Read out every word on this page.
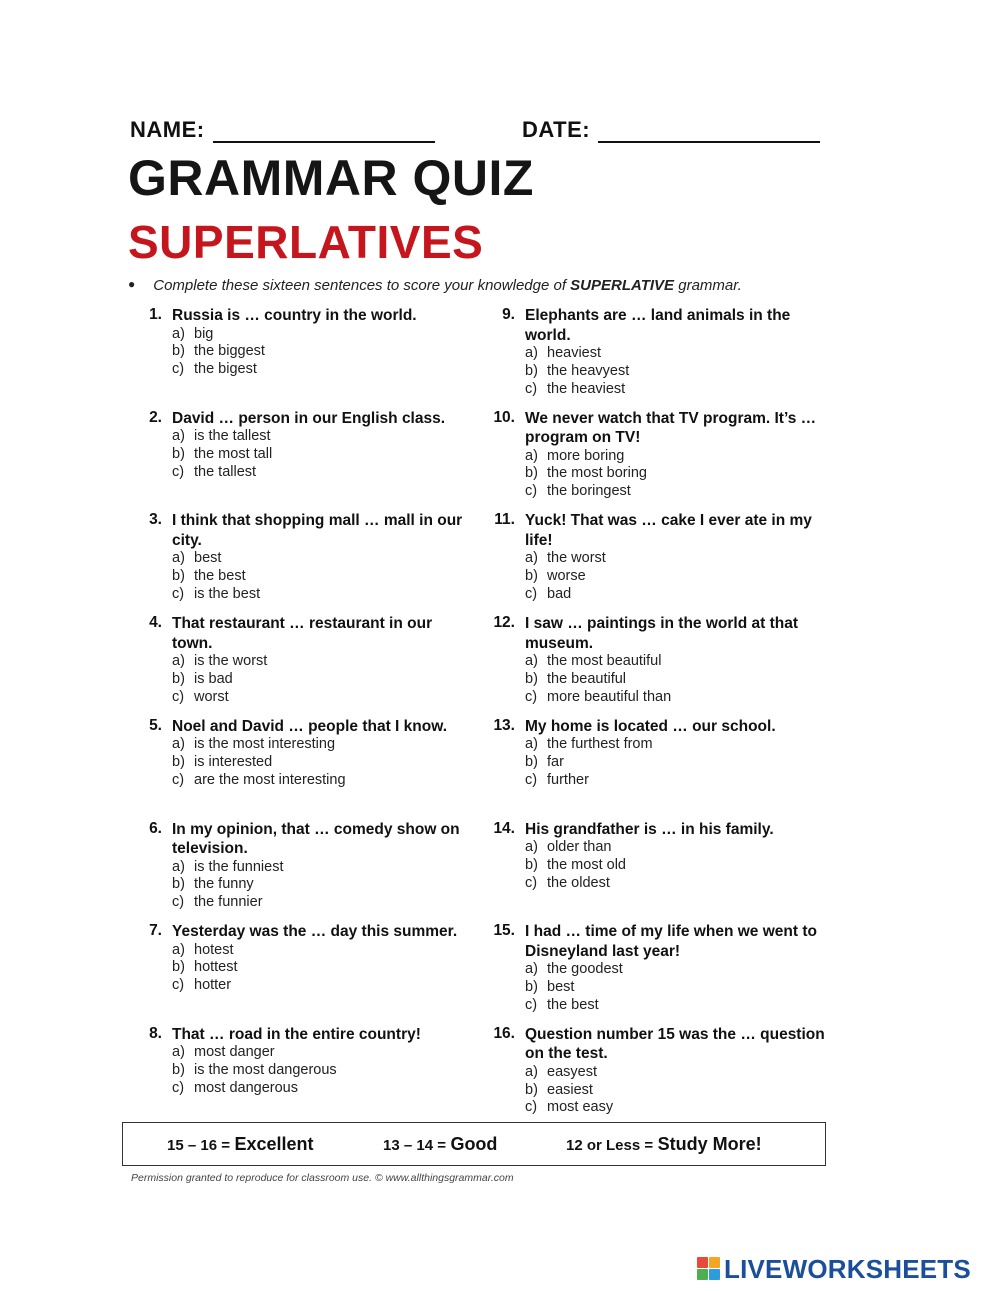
NAME:	DATE:
GRAMMAR QUIZ
SUPERLATIVES
● Complete these sixteen sentences to score your knowledge of SUPERLATIVE grammar.
1. Russia is … country in the world.
a) big
b) the biggest
c) the bigest
2. David … person in our English class.
a) is the tallest
b) the most tall
c) the tallest
3. I think that shopping mall … mall in our city.
a) best
b) the best
c) is the best
4. That restaurant … restaurant in our town.
a) is the worst
b) is bad
c) worst
5. Noel and David … people that I know.
a) is the most interesting
b) is interested
c) are the most interesting
6. In my opinion, that … comedy show on television.
a) is the funniest
b) the funny
c) the funnier
7. Yesterday was the … day this summer.
a) hotest
b) hottest
c) hotter
8. That … road in the entire country!
a) most danger
b) is the most dangerous
c) most dangerous
9. Elephants are … land animals in the world.
a) heaviest
b) the heavyest
c) the heaviest
10. We never watch that TV program. It’s … program on TV!
a) more boring
b) the most boring
c) the boringest
11. Yuck! That was … cake I ever ate in my life!
a) the worst
b) worse
c) bad
12. I saw … paintings in the world at that museum.
a) the most beautiful
b) the beautiful
c) more beautiful than
13. My home is located … our school.
a) the furthest from
b) far
c) further
14. His grandfather is … in his family.
a) older than
b) the most old
c) the oldest
15. I had … time of my life when we went to Disneyland last year!
a) the goodest
b) best
c) the best
16. Question number 15 was the … question on the test.
a) easyest
b) easiest
c) most easy
15 – 16 = Excellent	13 – 14 = Good	12 or Less = Study More!
Permission granted to reproduce for classroom use. © www.allthingsgrammar.com
LIVEWORKSHEETS
